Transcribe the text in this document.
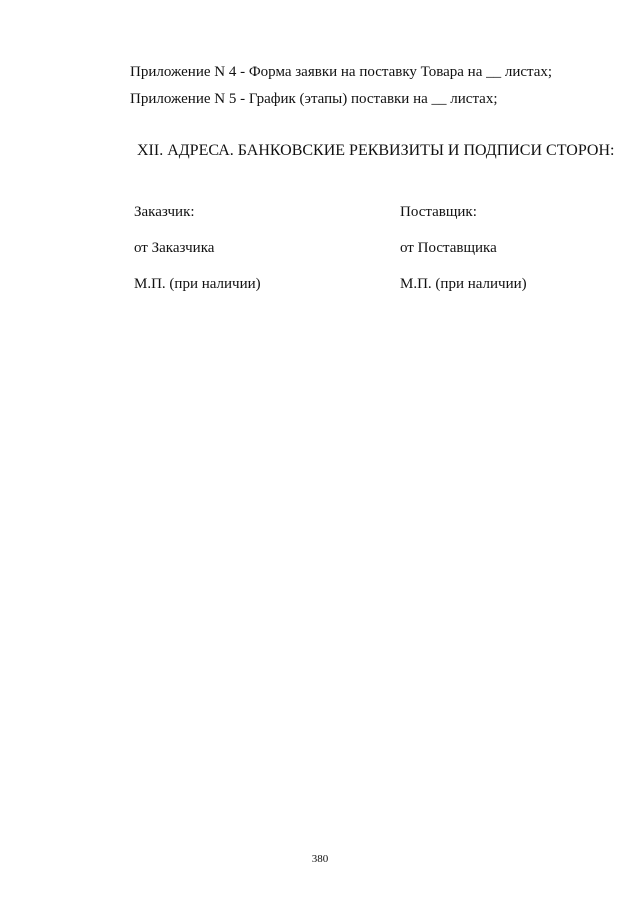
Приложение N 4 - Форма заявки на поставку Товара на __ листах;
Приложение N 5 - График (этапы) поставки на __ листах;
XII. АДРЕСА. БАНКОВСКИЕ РЕКВИЗИТЫ И ПОДПИСИ СТОРОН:
Заказчик:
от Заказчика
М.П. (при наличии)
Поставщик:
от Поставщика
М.П. (при наличии)
380
